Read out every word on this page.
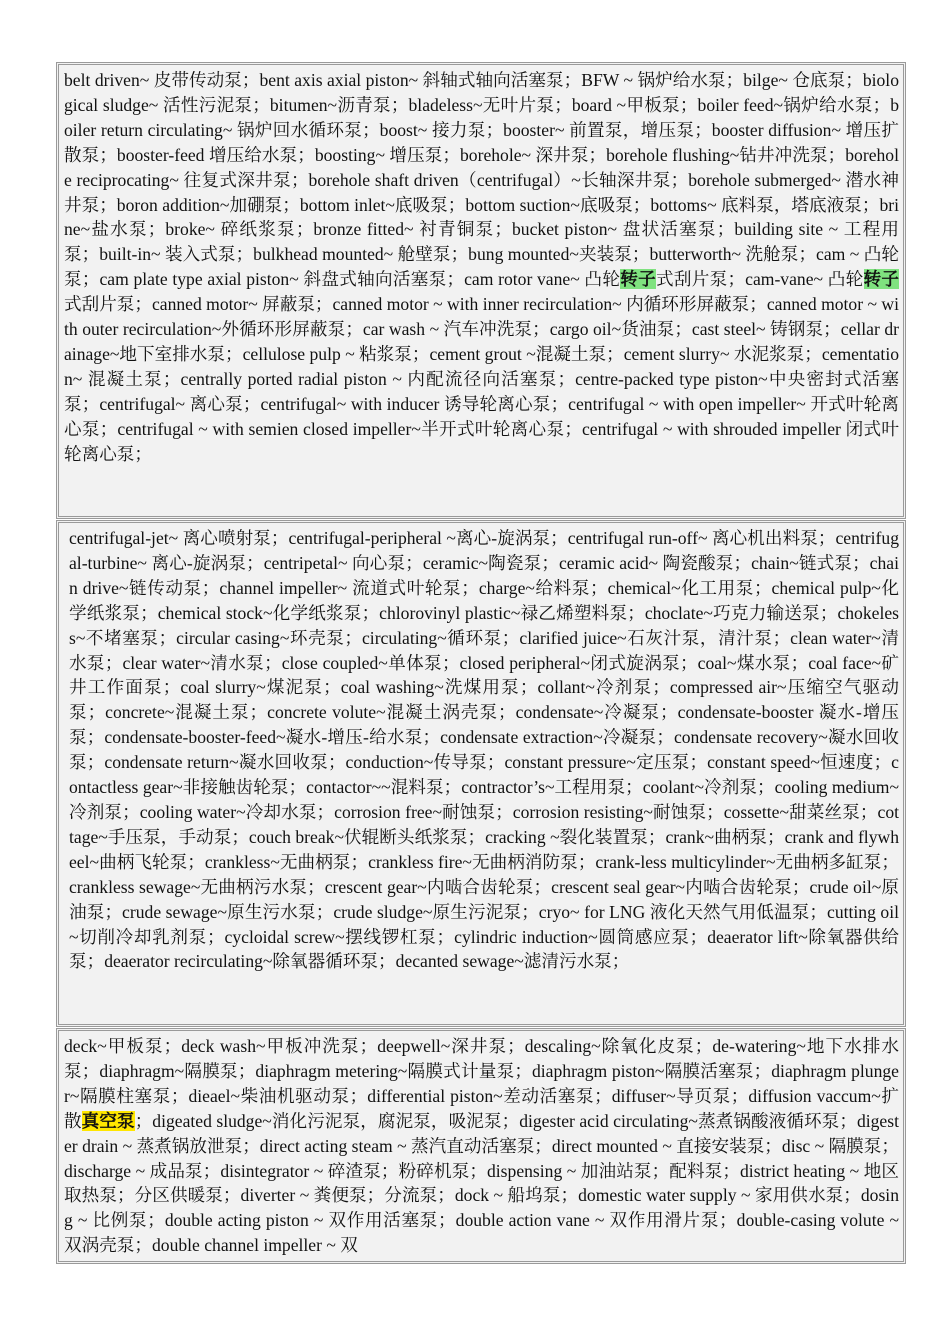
belt driven~ 皮带传动泵；bent axis axial piston~ 斜轴式轴向活塞泵；BFW ~ 锅炉给水泵；bilge~ 仓底泵；biological sludge~ 活性污泥泵；bitumen~沥青泵；bladeless~无叶片泵；board ~甲板泵；boiler feed~锅炉给水泵；boiler return circulating~ 锅炉回水循环泵；boost~ 接力泵；booster~ 前置泵，增压泵；booster diffusion~ 增压扩散泵；booster-feed 增压给水泵；boosting~ 增压泵；borehole~ 深井泵；borehole flushing~钻井冲洗泵；borehole reciprocating~ 往复式深井泵；borehole shaft driven（centrifugal）~长轴深井泵；borehole submerged~ 潜水神井泵；boron addition~加硼泵；bottom inlet~底吸泵；bottom suction~底吸泵；bottoms~ 底料泵，塔底液泵；brine~盐水泵；broke~ 碎纸浆泵；bronze fitted~ 衬青铜泵；bucket piston~ 盘状活塞泵；building site ~ 工程用泵；built-in~ 装入式泵；bulkhead mounted~ 舱壁泵；bung mounted~夹装泵；butterworth~ 洗舱泵；cam ~ 凸轮泵；cam plate type axial piston~ 斜盘式轴向活塞泵；cam rotor vane~ 凸轮转子式刮片泵；cam-vane~ 凸轮转子式刮片泵；canned motor~ 屏蔽泵；canned motor ~ with inner recirculation~ 内循环形屏蔽泵；canned motor ~ with outer recirculation~外循环形屏蔽泵；car wash ~ 汽车冲洗泵；cargo oil~货油泵；cast steel~ 铸钢泵；cellar drainage~地下室排水泵；cellulose pulp ~ 粘浆泵；cement grout ~混凝土泵；cement slurry~ 水泥浆泵；cementation~ 混凝土泵；centrally ported radial piston ~ 内配流径向活塞泵；centre-packed type piston~中央密封式活塞泵；centrifugal~ 离心泵；centrifugal~ with inducer 诱导轮离心泵；centrifugal ~ with open impeller~ 开式叶轮离心泵；centrifugal ~ with semien closed impeller~半开式叶轮离心泵；centrifugal ~ with shrouded impeller 闭式叶轮离心泵；
centrifugal-jet~ 离心喷射泵；centrifugal-peripheral ~离心-旋涡泵；centrifugal run-off~ 离心机出料泵；centrifugal-turbine~ 离心-旋涡泵；centripetal~ 向心泵；ceramic~陶瓷泵；ceramic acid~ 陶瓷酸泵；chain~链式泵；chain drive~链传动泵；channel impeller~ 流道式叶轮泵；charge~给料泵；chemical~化工用泵；chemical pulp~化学纸浆泵；chemical stock~化学纸浆泵；chlorovinyl plastic~禄乙烯塑料泵；choclate~巧克力输送泵；chokeless~不堵塞泵；circular casing~环壳泵；circulating~循环泵；clarified juice~石灰汁泵，清汁泵；clean water~清水泵；clear water~清水泵；close coupled~单体泵；closed peripheral~闭式旋涡泵；coal~煤水泵；coal face~矿井工作面泵；coal slurry~煤泥泵；coal washing~洗煤用泵；collant~冷剂泵；compressed air~压缩空气驱动泵；concrete~混凝土泵；concrete volute~混凝土涡壳泵；condensate~冷凝泵；condensate-booster 凝水-增压泵；condensate-booster-feed~凝水-增压-给水泵；condensate extraction~冷凝泵；condensate recovery~凝水回收泵；condensate return~凝水回收泵；conduction~传导泵；constant pressure~定压泵；constant speed~恒速度；contactless gear~非接触齿轮泵；contactor~~混料泵；contractor’s~工程用泵；coolant~冷剂泵；cooling medium~冷剂泵；cooling water~冷却水泵；corrosion free~耐蚀泵；corrosion resisting~耐蚀泵；cossette~甜菜丝泵；cottage~手压泵，手动泵；couch break~伏辊断头纸浆泵；cracking ~裂化装置泵；crank~曲柄泵；crank and flywheel~曲柄飞轮泵；crankless~无曲柄泵；crankless fire~无曲柄消防泵；crank-less multicylinder~无曲柄多缸泵；crankless sewage~无曲柄污水泵；crescent gear~内啮合齿轮泵；crescent seal gear~内啮合齿轮泵；crude oil~原油泵；crude sewage~原生污水泵；crude sludge~原生污泥泵；cryo~ for LNG 液化天然气用低温泵；cutting oil~切削冷却乳剂泵；cycloidal screw~摆线锣杠泵；cylindric induction~圆筒感应泵；deaerator lift~除氧器供给泵；deaerator recirculating~除氧器循环泵；decanted sewage~滤清污水泵；
deck~甲板泵；deck wash~甲板冲洗泵；deepwell~深井泵；descaling~除氧化皮泵；de-watering~地下水排水泵；diaphragm~隔膜泵；diaphragm metering~隔膜式计量泵；diaphragm piston~隔膜活塞泵；diaphragm plunger~隔膜柱塞泵；dieael~柴油机驱动泵；differential piston~差动活塞泵；diffuser~导页泵；diffusion vaccum~扩散真空泵；digeated sludge~消化污泥泵，腐泥泵，吸泥泵；digester acid circulating~蒸煮锅酸液循环泵；digester drain ~ 蒸煮锅放泄泵；direct acting steam ~ 蒸汽直动活塞泵；direct mounted ~ 直接安装泵；disc ~ 隔膜泵；discharge ~ 成品泵；disintegrator ~ 碎渣泵；粉碎机泵；dispensing ~ 加油站泵；配料泵；district heating ~ 地区取热泵；分区供暖泵；diverter ~ 粪便泵；分流泵；dock ~ 船坞泵；domestic water supply ~ 家用供水泵；dosing ~ 比例泵；double acting piston ~ 双作用活塞泵；double action vane ~ 双作用滑片泵；double-casing volute ~ 双涡壳泵；double channel impeller ~ 双
